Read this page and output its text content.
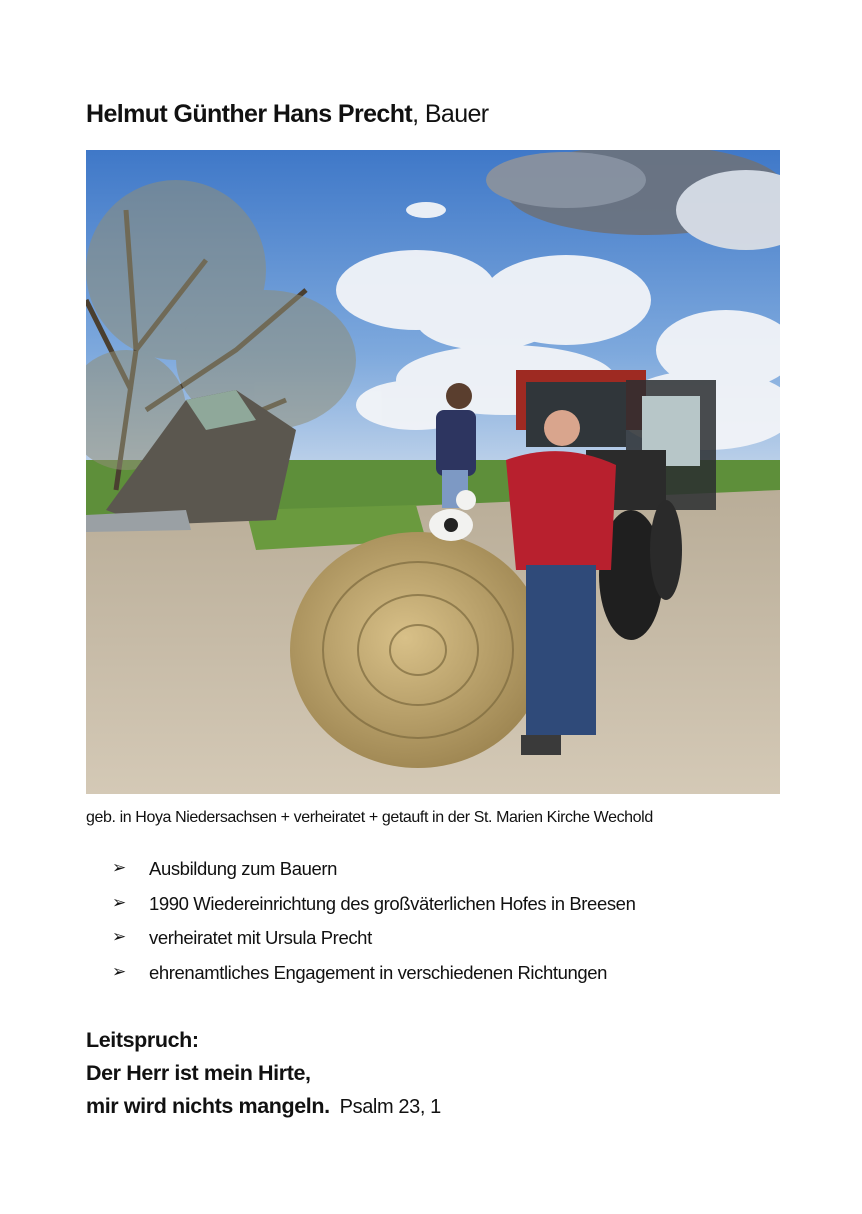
Helmut Günther Hans Precht, Bauer
geb. in Hoya Niedersachsen + verheiratet + getauft in der St. Marien Kirche Wechold
➢	Ausbildung zum Bauern
➢	1990 Wiedereinrichtung des großväterlichen Hofes in Breesen
➢	verheiratet mit Ursula Precht
➢	ehrenamtliches Engagement in verschiedenen Richtungen
Leitspruch:
Der Herr ist mein Hirte,
mir wird nichts mangeln. Psalm 23, 1
